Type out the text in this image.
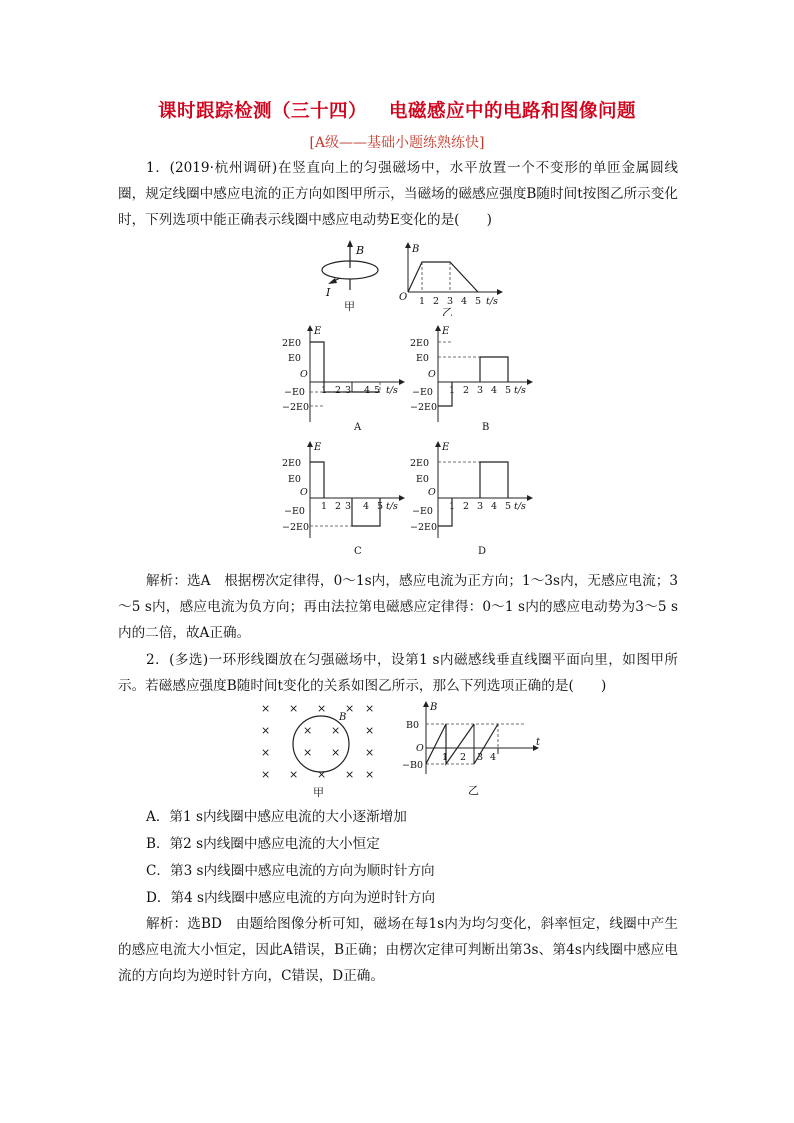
课时跟踪检测（三十四） 电磁感应中的电路和图像问题
[A级——基础小题练熟练快]

1．(2019·杭州调研)在竖直向上的匀强磁场中，水平放置一个不变形的单匝金属圆线圈，规定线圈中感应电流的正方向如图甲所示，当磁场的磁感应强度B随时间t按图乙所示变化时，下列选项中能正确表示线圈中感应电动势E变化的是(　　)

B
I
甲
B
O 1 2 3 4 5 t/s
乙
E
2E0
E0
O
−E0
−2E0
1 2 3 4 5 t/s
A
E
2E0
E0
O
−E0
−2E0
1 2 3 4 5 t/s
B
E
2E0
E0
O
−E0
−2E0
1 2 3 4 5 t/s
C
E
2E0
E0
O
−E0
−2E0
1 2 3 4 5 t/s
D

解析：选A　根据楞次定律得，0～1s内，感应电流为正方向；1～3s内，无感应电流；3～5 s内，感应电流为负方向；再由法拉第电磁感应定律得：0～1 s内的感应电动势为3～5 s内的二倍，故A正确。

2．(多选)一环形线圈放在匀强磁场中，设第1 s内磁感线垂直线圈平面向里，如图甲所示。若磁感应强度B随时间t变化的关系如图乙所示，那么下列选项正确的是(　　)

B
× × × × ×
×	× × ×
×	× × ×
× × × × ×
甲
B
B0
O
−B0
1 2 3 4
t
乙

A．第1 s内线圈中感应电流的大小逐渐增加

B．第2 s内线圈中感应电流的大小恒定

C．第3 s内线圈中感应电流的方向为顺时针方向

D．第4 s内线圈中感应电流的方向为逆时针方向

解析：选BD　由题给图像分析可知，磁场在每1s内为均匀变化，斜率恒定，线圈中产生的感应电流大小恒定，因此A错误，B正确；由楞次定律可判断出第3s、第4s内线圈中感应电流的方向均为逆时针方向，C错误，D正确。
